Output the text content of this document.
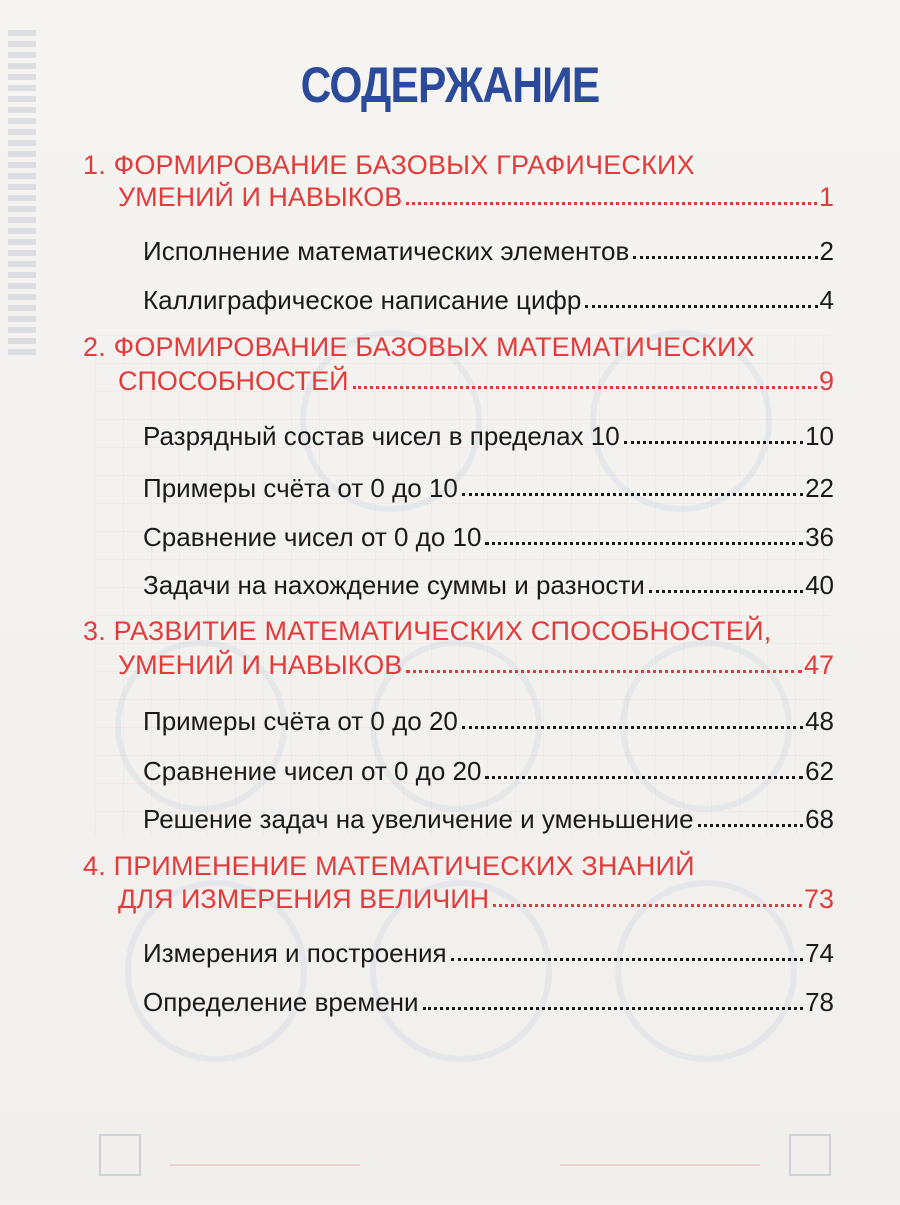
СОДЕРЖАНИЕ
1. ФОРМИРОВАНИЕ БАЗОВЫХ ГРАФИЧЕСКИХ
УМЕНИЙ И НАВЫКОВ	1
Исполнение математических элементов	2
Каллиграфическое написание цифр	4
2. ФОРМИРОВАНИЕ БАЗОВЫХ МАТЕМАТИЧЕСКИХ
СПОСОБНОСТЕЙ	9
Разрядный состав чисел в пределах 10	10
Примеры счёта от 0 до 10	22
Сравнение чисел от 0 до 10	36
Задачи на нахождение суммы и разности	40
3. РАЗВИТИЕ МАТЕМАТИЧЕСКИХ СПОСОБНОСТЕЙ,
УМЕНИЙ И НАВЫКОВ	47
Примеры счёта от 0 до 20	48
Сравнение чисел от 0 до 20	62
Решение задач на увеличение и уменьшение	68
4. ПРИМЕНЕНИЕ МАТЕМАТИЧЕСКИХ ЗНАНИЙ
ДЛЯ ИЗМЕРЕНИЯ ВЕЛИЧИН	73
Измерения и построения	74
Определение времени	78
